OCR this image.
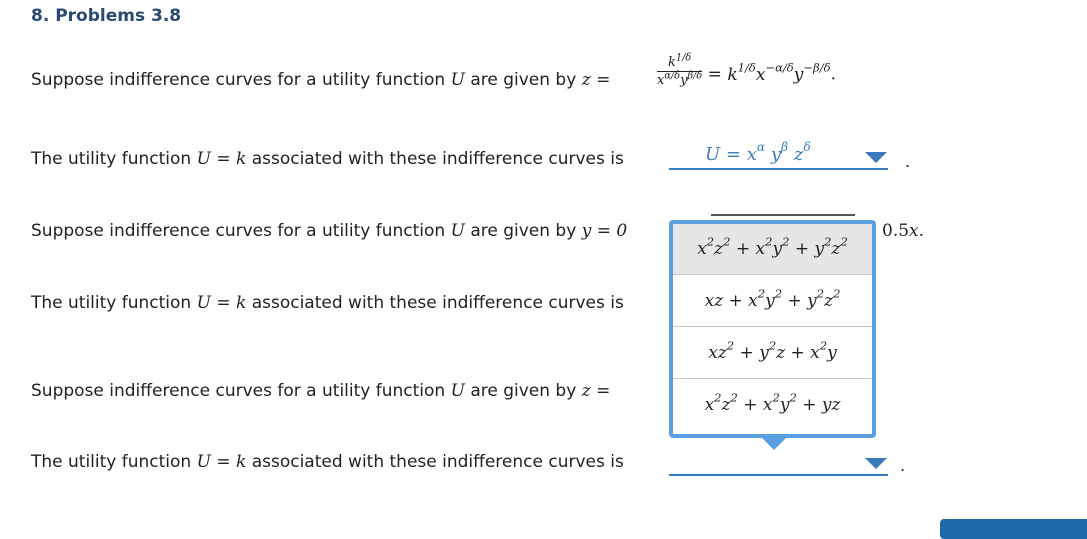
8. Problems 3.8
Suppose indifference curves for a utility function U are given by z =	$\frac{k^{1/\delta}}{x^{\alpha/\delta}y^{\beta/\delta}} = k^{1/\delta}x^{-\alpha/\delta}y^{-\beta/\delta}$.
The utility function U = k associated with these indifference curves is	$U = x^\alpha$ $y^\beta$ $z^\delta$
.
Suppose indifference curves for a utility function U are given by y = 0	0.5x.
The utility function U = k associated with these indifference curves is
Suppose indifference curves for a utility function U are given by z =
The utility function U = k associated with these indifference curves is	.
$x^2z^2 + x^2y^2 + y^2z^2$
xz + $x^2y^2 + y^2z^2$
$xz^2 + y^2z + x^2y$
$x^2z^2 + x^2y^2$ + yz
